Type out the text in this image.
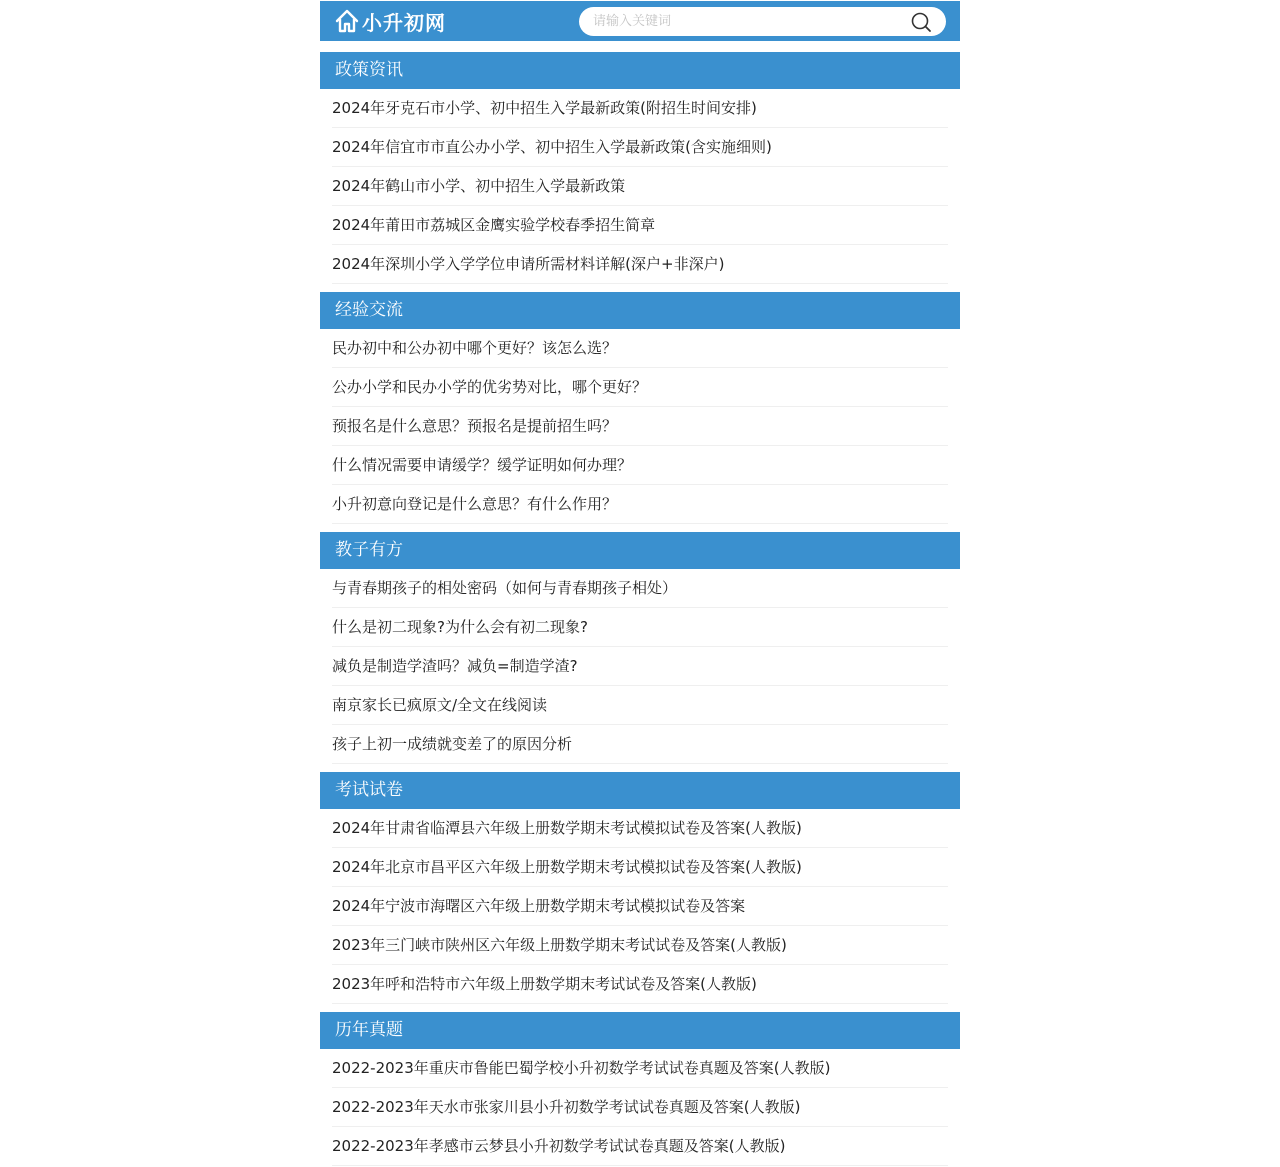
小升初网
请输入关键词
政策资讯
2024年牙克石市小学、初中招生入学最新政策(附招生时间安排)
2024年信宜市市直公办小学、初中招生入学最新政策(含实施细则)
2024年鹤山市小学、初中招生入学最新政策
2024年莆田市荔城区金鹰实验学校春季招生简章
2024年深圳小学入学学位申请所需材料详解(深户+非深户)
经验交流
民办初中和公办初中哪个更好？该怎么选？
公办小学和民办小学的优劣势对比，哪个更好？
预报名是什么意思？预报名是提前招生吗？
什么情况需要申请缓学？缓学证明如何办理？
小升初意向登记是什么意思？有什么作用？
教子有方
与青春期孩子的相处密码（如何与青春期孩子相处）
什么是初二现象?为什么会有初二现象?
减负是制造学渣吗？减负=制造学渣?
南京家长已疯原文/全文在线阅读
孩子上初一成绩就变差了的原因分析
考试试卷
2024年甘肃省临潭县六年级上册数学期末考试模拟试卷及答案(人教版)
2024年北京市昌平区六年级上册数学期末考试模拟试卷及答案(人教版)
2024年宁波市海曙区六年级上册数学期末考试模拟试卷及答案
2023年三门峡市陕州区六年级上册数学期末考试试卷及答案(人教版)
2023年呼和浩特市六年级上册数学期末考试试卷及答案(人教版)
历年真题
2022-2023年重庆市鲁能巴蜀学校小升初数学考试试卷真题及答案(人教版)
2022-2023年天水市张家川县小升初数学考试试卷真题及答案(人教版)
2022-2023年孝感市云梦县小升初数学考试试卷真题及答案(人教版)
